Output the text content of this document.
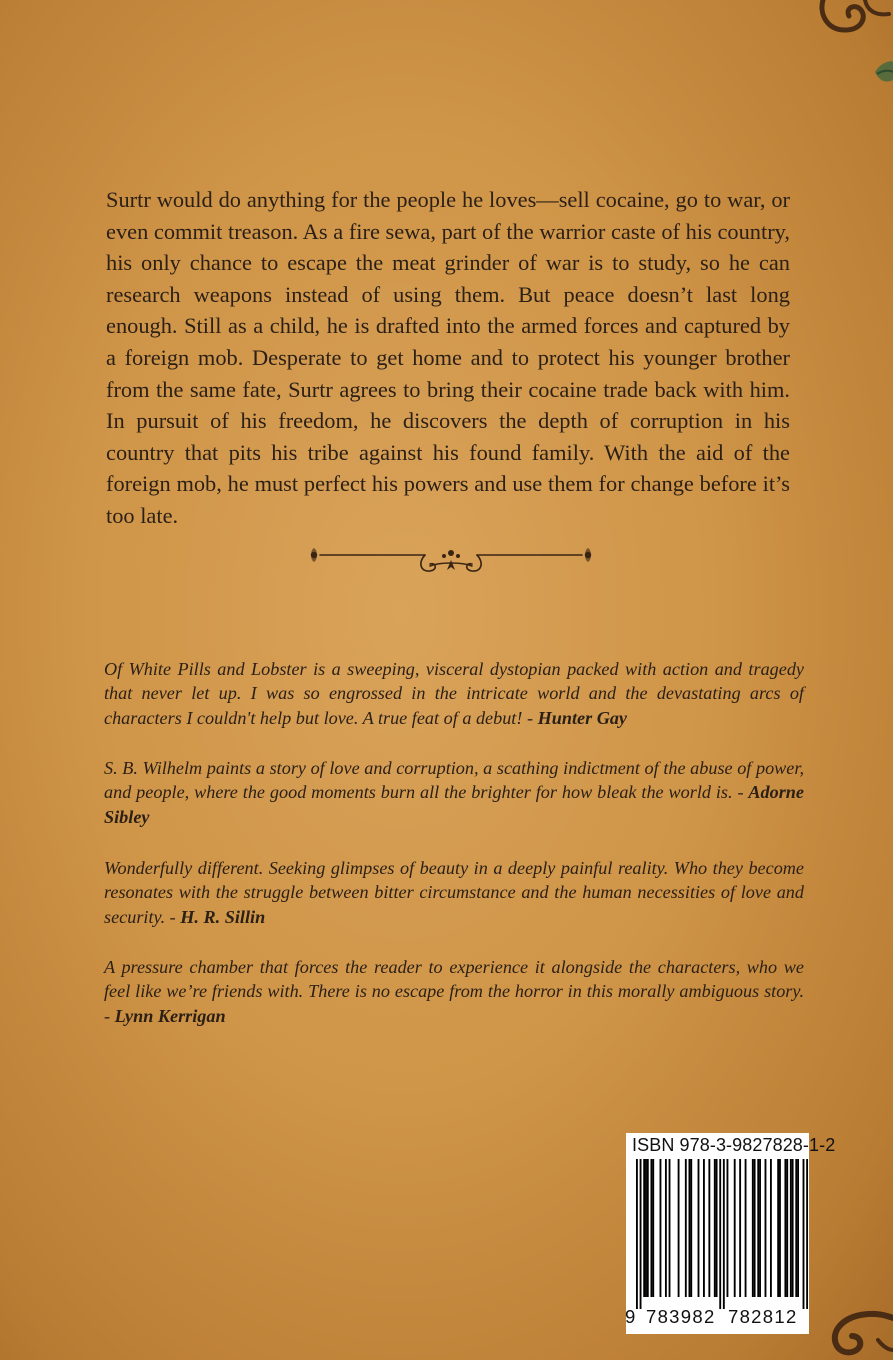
Surtr would do anything for the people he loves—sell cocaine, go to war, or even commit treason. As a fire sewa, part of the warrior caste of his country, his only chance to escape the meat grinder of war is to study, so he can research weapons instead of using them. But peace doesn’t last long enough. Still as a child, he is drafted into the armed forces and captured by a foreign mob. Desperate to get home and to protect his younger brother from the same fate, Surtr agrees to bring their cocaine trade back with him. In pursuit of his freedom, he discovers the depth of corruption in his country that pits his tribe against his found family. With the aid of the foreign mob, he must perfect his powers and use them for change before it’s too late.

Of White Pills and Lobster is a sweeping, visceral dystopian packed with action and tragedy that never let up. I was so engrossed in the intricate world and the devastating arcs of characters I couldn't help but love. A true feat of a debut! - Hunter Gay

S. B. Wilhelm paints a story of love and corruption, a scathing indictment of the abuse of power, and people, where the good moments burn all the brighter for how bleak the world is. - Adorne Sibley

Wonderfully different. Seeking glimpses of beauty in a deeply painful reality. Who they become resonates with the struggle between bitter circumstance and the human necessities of love and security. - H. R. Sillin

A pressure chamber that forces the reader to experience it alongside the characters, who we feel like we’re friends with. There is no escape from the horror in this morally ambiguous story. - Lynn Kerrigan

ISBN 978-3-9827828-1-2
9 783982 782812
